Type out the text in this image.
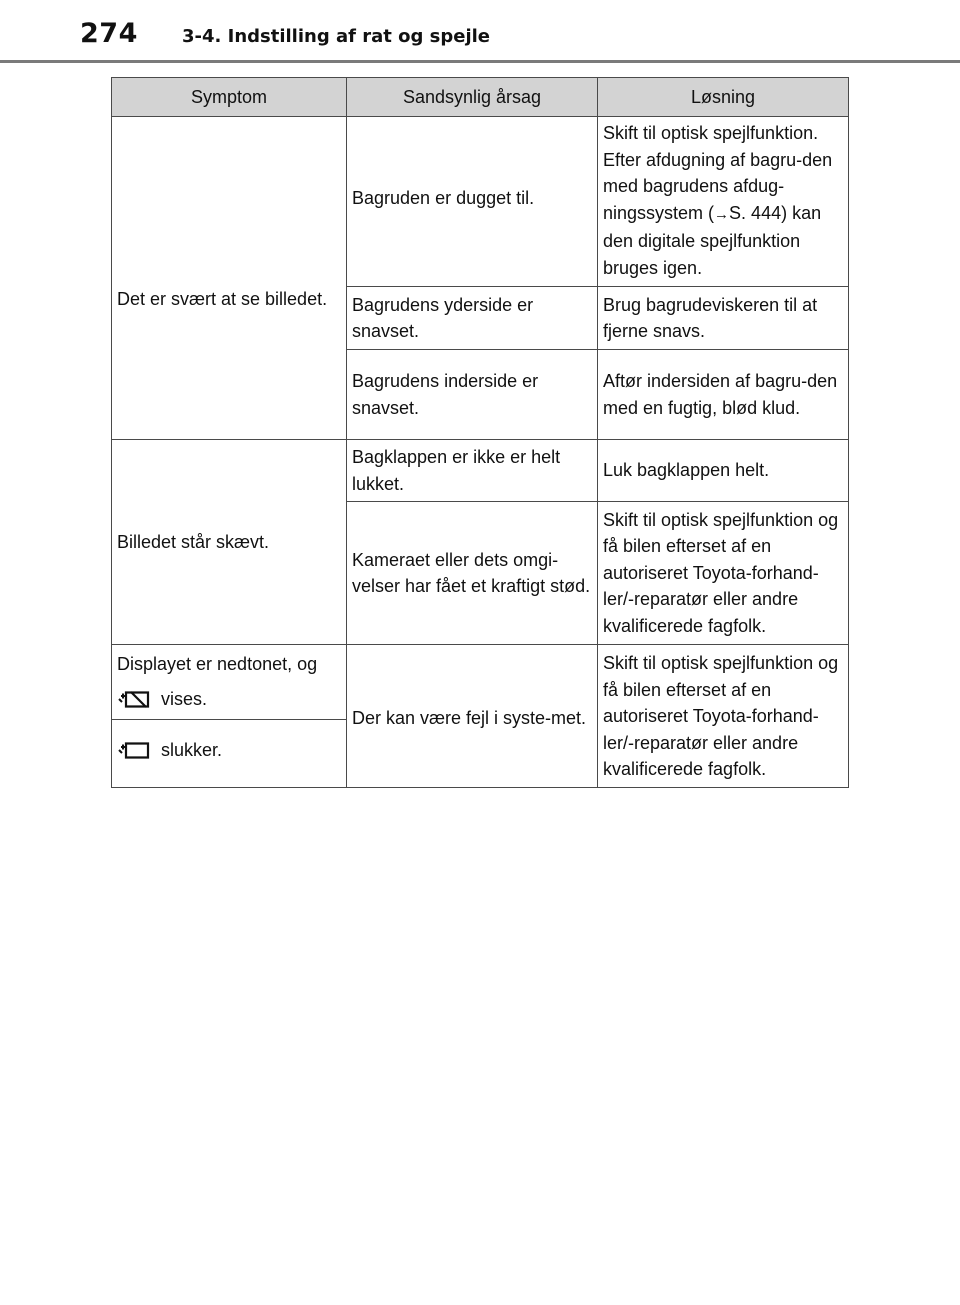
274 3-4. Indstilling af rat og spejle
Symptom	Sandsynlig årsag	Løsning
Det er svært at se billedet.	Bagruden er dugget til.	Skift til optisk spejlfunktion. Efter afdugning af bagru-den med bagrudens afdug-ningssystem (→S. 444) kan den digitale spejlfunktion bruges igen.
	Bagrudens yderside er snavset.	Brug bagrudeviskeren til at fjerne snavs.
	Bagrudens inderside er snavset.	Aftør indersiden af bagru-den med en fugtig, blød klud.
Billedet står skævt.	Bagklappen er ikke er helt lukket.	Luk bagklappen helt.
	Kameraet eller dets omgi-velser har fået et kraftigt stød.	Skift til optisk spejlfunktion og få bilen efterset af en autoriseret Toyota-forhand-ler/-reparatør eller andre kvalificerede fagfolk.
Displayet er nedtonet, og
vises.	Der kan være fejl i syste-met.	Skift til optisk spejlfunktion og få bilen efterset af en autoriseret Toyota-forhand-ler/-reparatør eller andre kvalificerede fagfolk.
slukker.		
